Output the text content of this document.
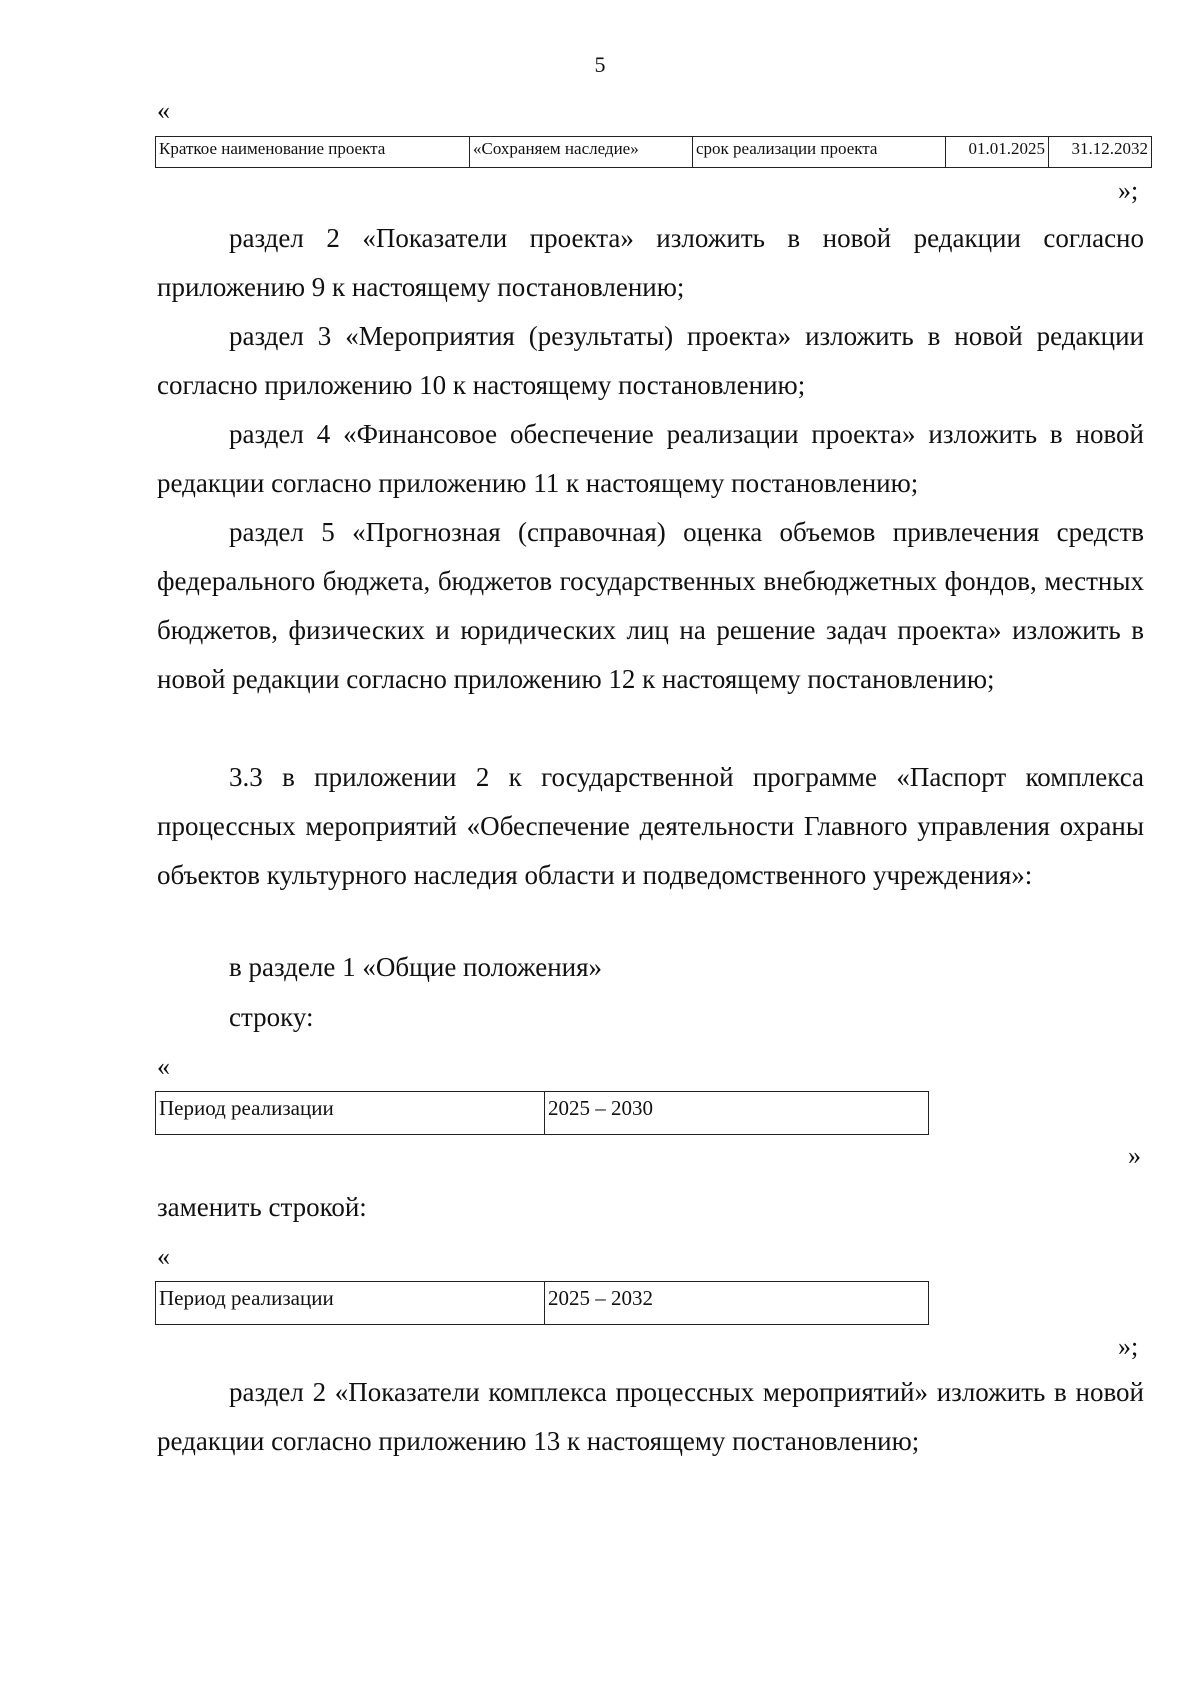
5
«
Краткое наименование проекта	«Сохраняем наследие»	срок реализации проекта	01.01.2025	31.12.2032
»;

раздел 2 «Показатели проекта» изложить в новой редакции согласно приложению 9 к настоящему постановлению;

раздел 3 «Мероприятия (результаты) проекта» изложить в новой редакции согласно приложению 10 к настоящему постановлению;

раздел 4 «Финансовое обеспечение реализации проекта» изложить в новой редакции согласно приложению 11 к настоящему постановлению;

раздел 5 «Прогнозная (справочная) оценка объемов привлечения средств федерального бюджета, бюджетов государственных внебюджетных фондов, местных бюджетов, физических и юридических лиц на решение задач проекта» изложить в новой редакции согласно приложению 12 к настоящему постановлению;

3.3 в приложении 2 к государственной программе «Паспорт комплекса процессных мероприятий «Обеспечение деятельности Главного управления охраны объектов культурного наследия области и подведомственного учреждения»:

в разделе 1 «Общие положения»
строку:
«
Период реализации	2025 – 2030
»
заменить строкой:
«
Период реализации	2025 – 2032
»;

раздел 2 «Показатели комплекса процессных мероприятий» изложить в новой редакции согласно приложению 13 к настоящему постановлению;
